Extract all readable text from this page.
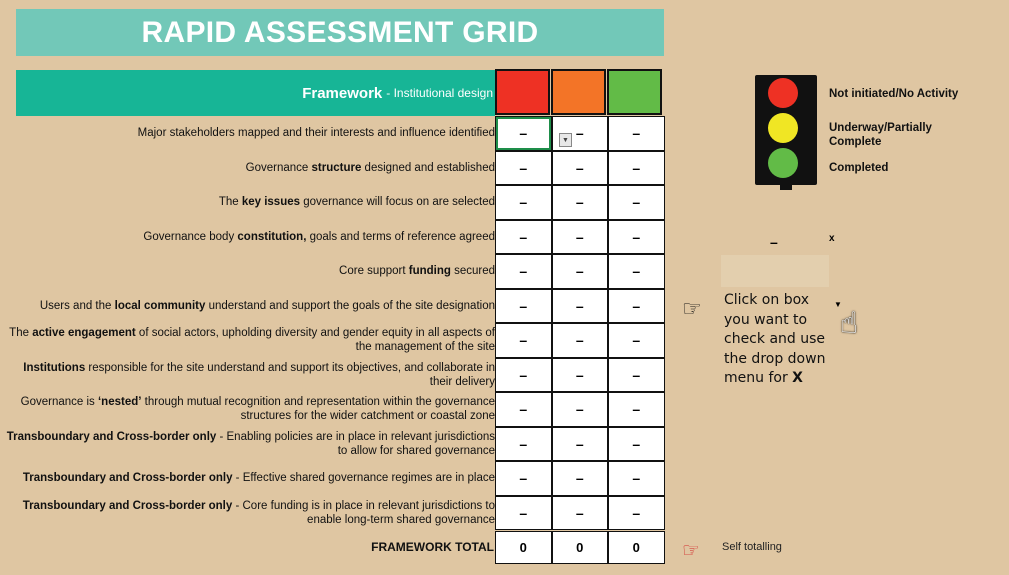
RAPID ASSESSMENT GRID
Framework - Institutional design
Major stakeholders mapped and their interests and influence identified	–	–	–
Governance structure designed and established	–	–	–
The key issues governance will focus on are selected	–	–	–
Governance body constitution, goals and terms of reference agreed	–	–	–
Core support funding secured	–	–	–
Users and the local community understand and support the goals of the site designation	–	–	–
The active engagement of social actors, upholding diversity and gender equity in all aspects of the management of the site	–	–	–
Institutions responsible for the site understand and support its objectives, and collaborate in their delivery	–	–	–
Governance is ‘nested’ through mutual recognition and representation within the governance structures for the wider catchment or coastal zone	–	–	–
Transboundary and Cross-border only - Enabling policies are in place in relevant jurisdictions to allow for shared governance	–	–	–
Transboundary and Cross-border only - Effective shared governance regimes are in place	–	–	–
Transboundary and Cross-border only - Core funding is in place in relevant jurisdictions to enable long-term shared governance	–	–	–
▼
FRAMEWORK TOTAL	0	0	0
Not initiated/No Activity
Underway/Partially Complete
Completed
–	x
☞ Click on box you want to check and use the drop down menu for X
▼
☝
☞ Self totalling
